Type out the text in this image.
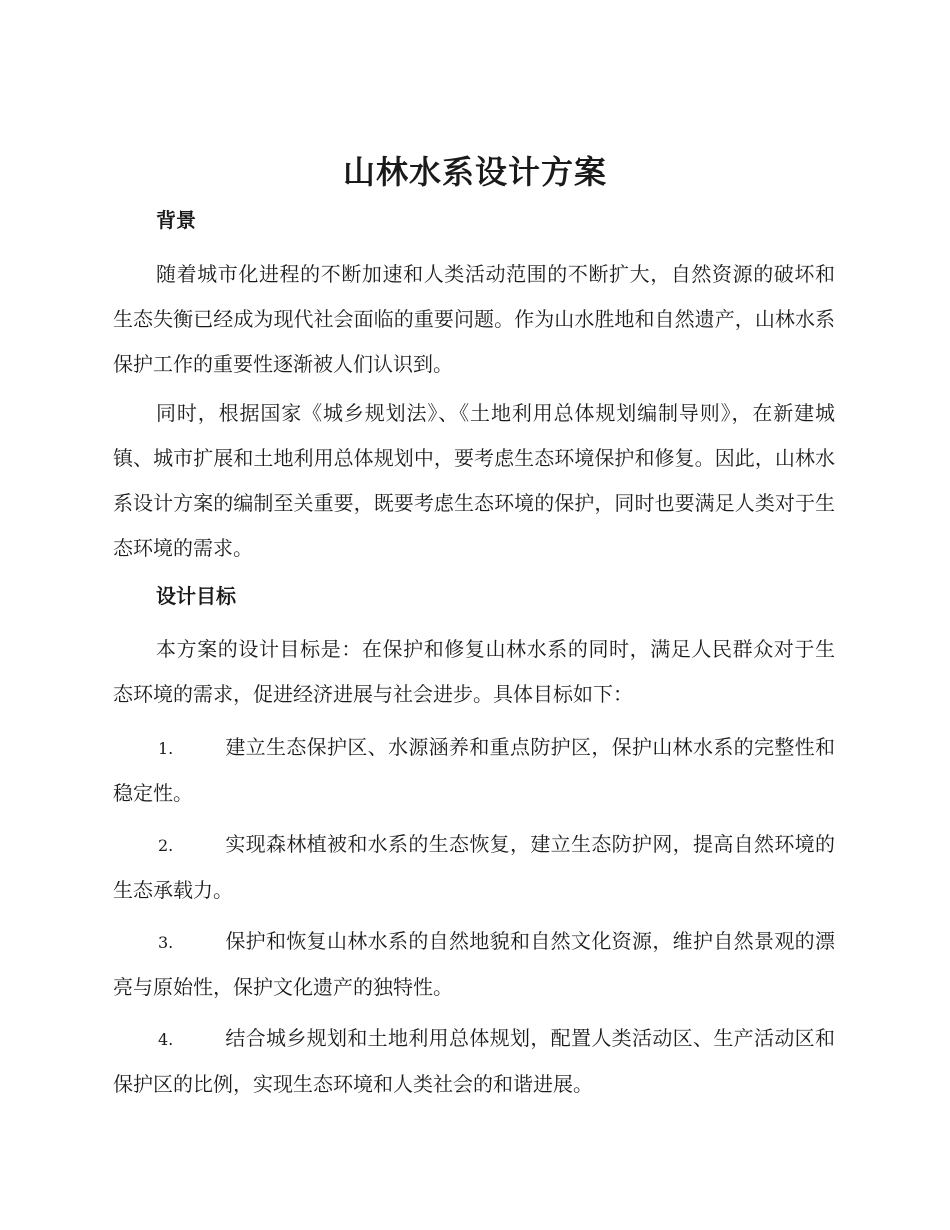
山林水系设计方案
背景

随着城市化进程的不断加速和人类活动范围的不断扩大，自然资源的破坏和生态失衡已经成为现代社会面临的重要问题。作为山水胜地和自然遗产，山林水系保护工作的重要性逐渐被人们认识到。

同时，根据国家《城乡规划法》、《土地利用总体规划编制导则》，在新建城镇、城市扩展和土地利用总体规划中，要考虑生态环境保护和修复。因此，山林水系设计方案的编制至关重要，既要考虑生态环境的保护，同时也要满足人类对于生态环境的需求。

设计目标

本方案的设计目标是：在保护和修复山林水系的同时，满足人民群众对于生态环境的需求，促进经济进展与社会进步。具体目标如下：

1.	建立生态保护区、水源涵养和重点防护区，保护山林水系的完整性和稳定性。

2.	实现森林植被和水系的生态恢复，建立生态防护网，提高自然环境的生态承载力。

3.	保护和恢复山林水系的自然地貌和自然文化资源，维护自然景观的漂亮与原始性，保护文化遗产的独特性。

4.	结合城乡规划和土地利用总体规划，配置人类活动区、生产活动区和保护区的比例，实现生态环境和人类社会的和谐进展。
